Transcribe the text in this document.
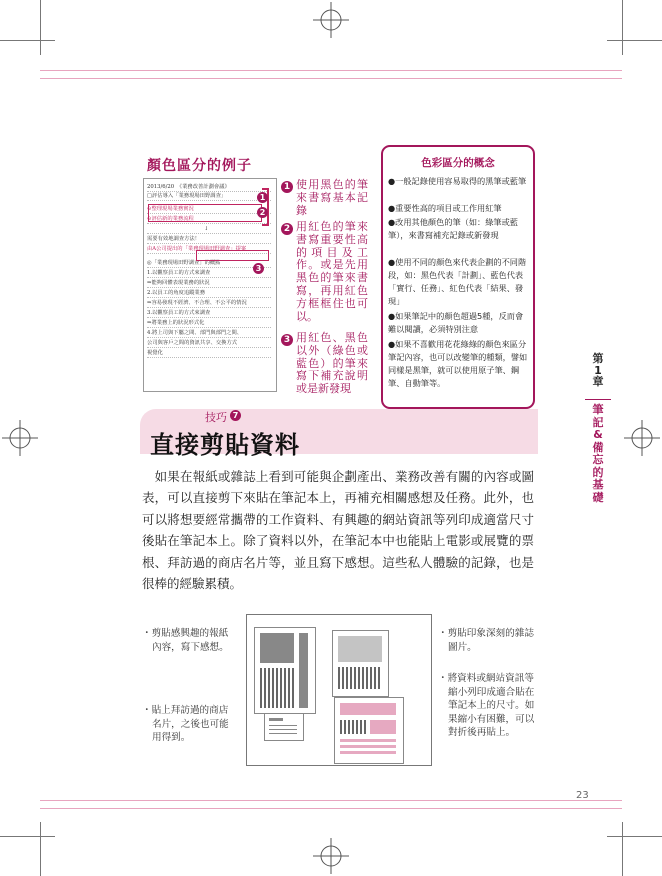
顏色區分的例子
2013/6/20　《業務改善計劃會議》
□評估導入「業務現場田野調查」
⊙整理現場業務實況
⊙評估新的業務流程
↓
需要有效地調查方法！
由A公司提出的「業務現場田野調查」提案
◎「業務現場田野調查」的概點
1.以觀察員工的方式來調查
⇒能夠回體表現業務的狀況
2.以員工的角度追蹤業務
⇒容易發現不經濟、不合理、不公平的情況
3.以觀察員工的方式來調查
⇒將業務上的狀況形式化
4.將上司與下屬之間、部門與部門之間、
公司與客戶之間的資訊共享、交換方式
視覺化
1
2
3
1 使用黑色的筆來書寫基本記錄
2 用紅色的筆來書寫重要性高的項目及工作。或是先用黑色的筆來書寫，再用紅色方框框住也可以。
3 用紅色、黑色以外（綠色或藍色）的筆來寫下補充說明或是新發現
色彩區分的概念
●一般記錄使用容易取得的黑筆或藍筆
●重要性高的項目或工作用紅筆
●改用其他顏色的筆（如：綠筆或藍筆），來書寫補充記錄或新發現
●使用不同的顏色來代表企劃的不同階段，如：黑色代表「計劃」、藍色代表「實行、任務」、紅色代表「結果、發現」
●如果筆記中的顏色超過5種，反而會難以閱讀，必須特別注意
●如果不喜歡用花花綠綠的顏色來區分筆記內容，也可以改變筆的種類，譬如同樣是黑筆，就可以使用原子筆、鋼筆、自動筆等。
第
1
章
筆
記
&
備
忘
的
基
礎
技巧 7
直接剪貼資料
　如果在報紙或雜誌上看到可能與企劃產出、業務改善有關的內容或圖表，可以直接剪下來貼在筆記本上，再補充相關感想及任務。此外，也可以將想要經常攜帶的工作資料、有興趣的網站資訊等列印成適當尺寸後貼在筆記本上。除了資料以外，在筆記本中也能貼上電影或展覽的票根、拜訪過的商店名片等，並且寫下感想。這些私人體驗的記錄，也是很棒的經驗累積。
・剪貼感興趣的報紙
內容，寫下感想。
・貼上拜訪過的商店
名片，之後也可能
用得到。
・剪貼印象深刻的雜誌
圖片。
・將資料或網站資訊等
縮小列印成適合貼在
筆記本上的尺寸。如
果縮小有困難，可以
對折後再貼上。
23
